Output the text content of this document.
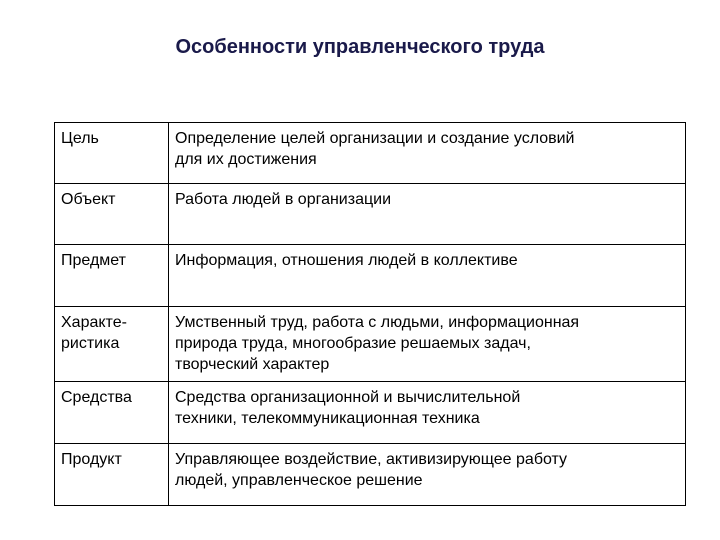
Особенности управленческого труда
Цель	Определение целей организации и создание условий
для их достижения

Объект	Работа людей в организации

Предмет	Информация, отношения людей в коллективе

Характе-
ристика	Умственный труд, работа с людьми, информационная
природа труда, многообразие решаемых задач,
творческий характер

Средства	Средства организационной и вычислительной
техники, телекоммуникационная техника

Продукт	Управляющее воздействие, активизирующее работу
людей, управленческое решение
